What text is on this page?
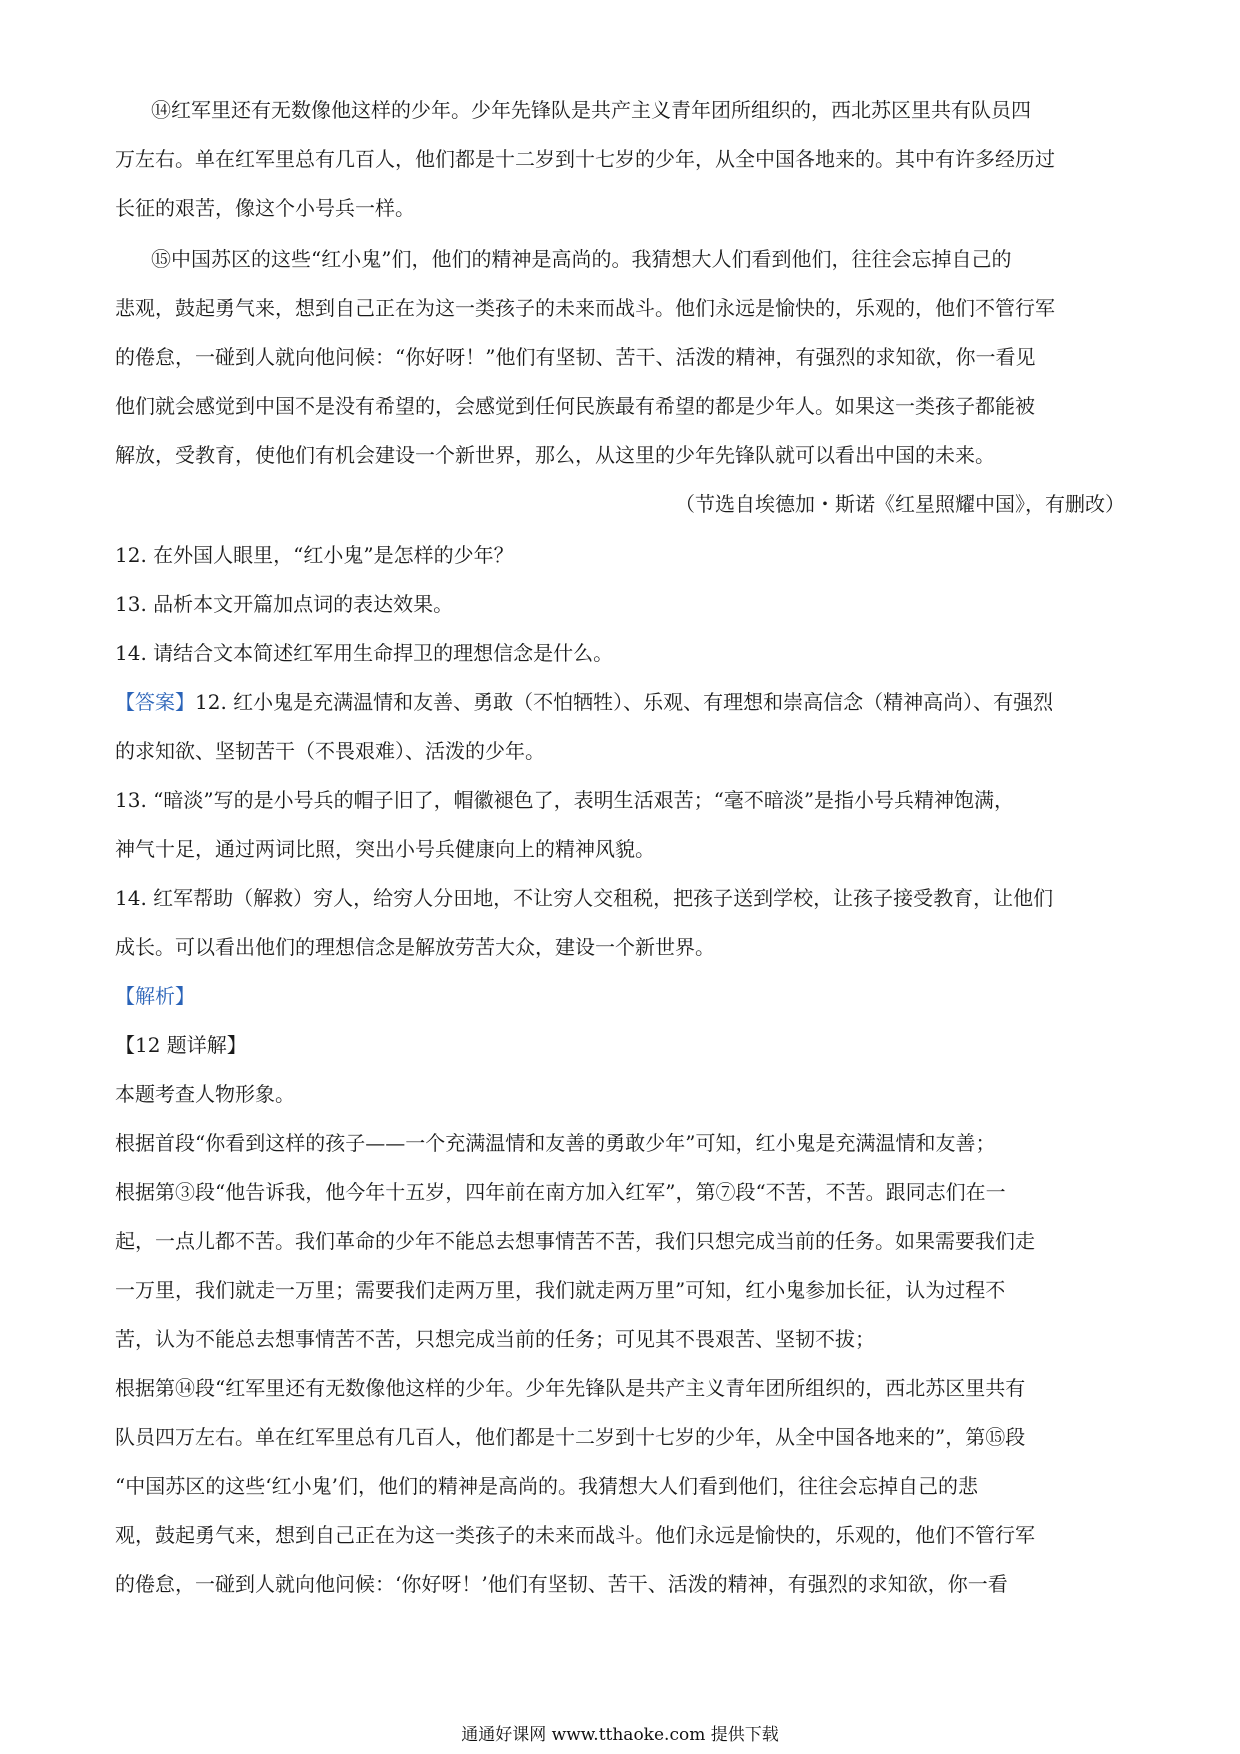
⑭红军里还有无数像他这样的少年。少年先锋队是共产主义青年团所组织的，西北苏区里共有队员四
万左右。单在红军里总有几百人，他们都是十二岁到十七岁的少年，从全中国各地来的。其中有许多经历过
长征的艰苦，像这个小号兵一样。
⑮中国苏区的这些“红小鬼”们，他们的精神是高尚的。我猜想大人们看到他们，往往会忘掉自己的
悲观，鼓起勇气来，想到自己正在为这一类孩子的未来而战斗。他们永远是愉快的，乐观的，他们不管行军
的倦怠，一碰到人就向他问候：“你好呀！”他们有坚韧、苦干、活泼的精神，有强烈的求知欲，你一看见
他们就会感觉到中国不是没有希望的，会感觉到任何民族最有希望的都是少年人。如果这一类孩子都能被
解放，受教育，使他们有机会建设一个新世界，那么，从这里的少年先锋队就可以看出中国的未来。
（节选自埃德加・斯诺《红星照耀中国》，有删改）
12. 在外国人眼里，“红小鬼”是怎样的少年？
13. 品析本文开篇加点词的表达效果。
14. 请结合文本简述红军用生命捍卫的理想信念是什么。
【答案】12. 红小鬼是充满温情和友善、勇敢（不怕牺牲）、乐观、有理想和崇高信念（精神高尚）、有强烈
的求知欲、坚韧苦干（不畏艰难）、活泼的少年。
13. “暗淡”写的是小号兵的帽子旧了，帽徽褪色了，表明生活艰苦；“毫不暗淡”是指小号兵精神饱满，
神气十足，通过两词比照，突出小号兵健康向上的精神风貌。
14. 红军帮助（解救）穷人，给穷人分田地，不让穷人交租税，把孩子送到学校，让孩子接受教育，让他们
成长。可以看出他们的理想信念是解放劳苦大众，建设一个新世界。
【解析】
【12 题详解】
本题考查人物形象。
根据首段“你看到这样的孩子——一个充满温情和友善的勇敢少年”可知，红小鬼是充满温情和友善；
根据第③段“他告诉我，他今年十五岁，四年前在南方加入红军”，第⑦段“不苦，不苦。跟同志们在一
起，一点儿都不苦。我们革命的少年不能总去想事情苦不苦，我们只想完成当前的任务。如果需要我们走
一万里，我们就走一万里；需要我们走两万里，我们就走两万里”可知，红小鬼参加长征，认为过程不
苦，认为不能总去想事情苦不苦，只想完成当前的任务；可见其不畏艰苦、坚韧不拔；
根据第⑭段“红军里还有无数像他这样的少年。少年先锋队是共产主义青年团所组织的，西北苏区里共有
队员四万左右。单在红军里总有几百人，他们都是十二岁到十七岁的少年，从全中国各地来的”，第⑮段
“中国苏区的这些‘红小鬼’们，他们的精神是高尚的。我猜想大人们看到他们，往往会忘掉自己的悲
观，鼓起勇气来，想到自己正在为这一类孩子的未来而战斗。他们永远是愉快的，乐观的，他们不管行军
的倦怠，一碰到人就向他问候：‘你好呀！’他们有坚韧、苦干、活泼的精神，有强烈的求知欲，你一看
通通好课网 www.tthaoke.com 提供下载
